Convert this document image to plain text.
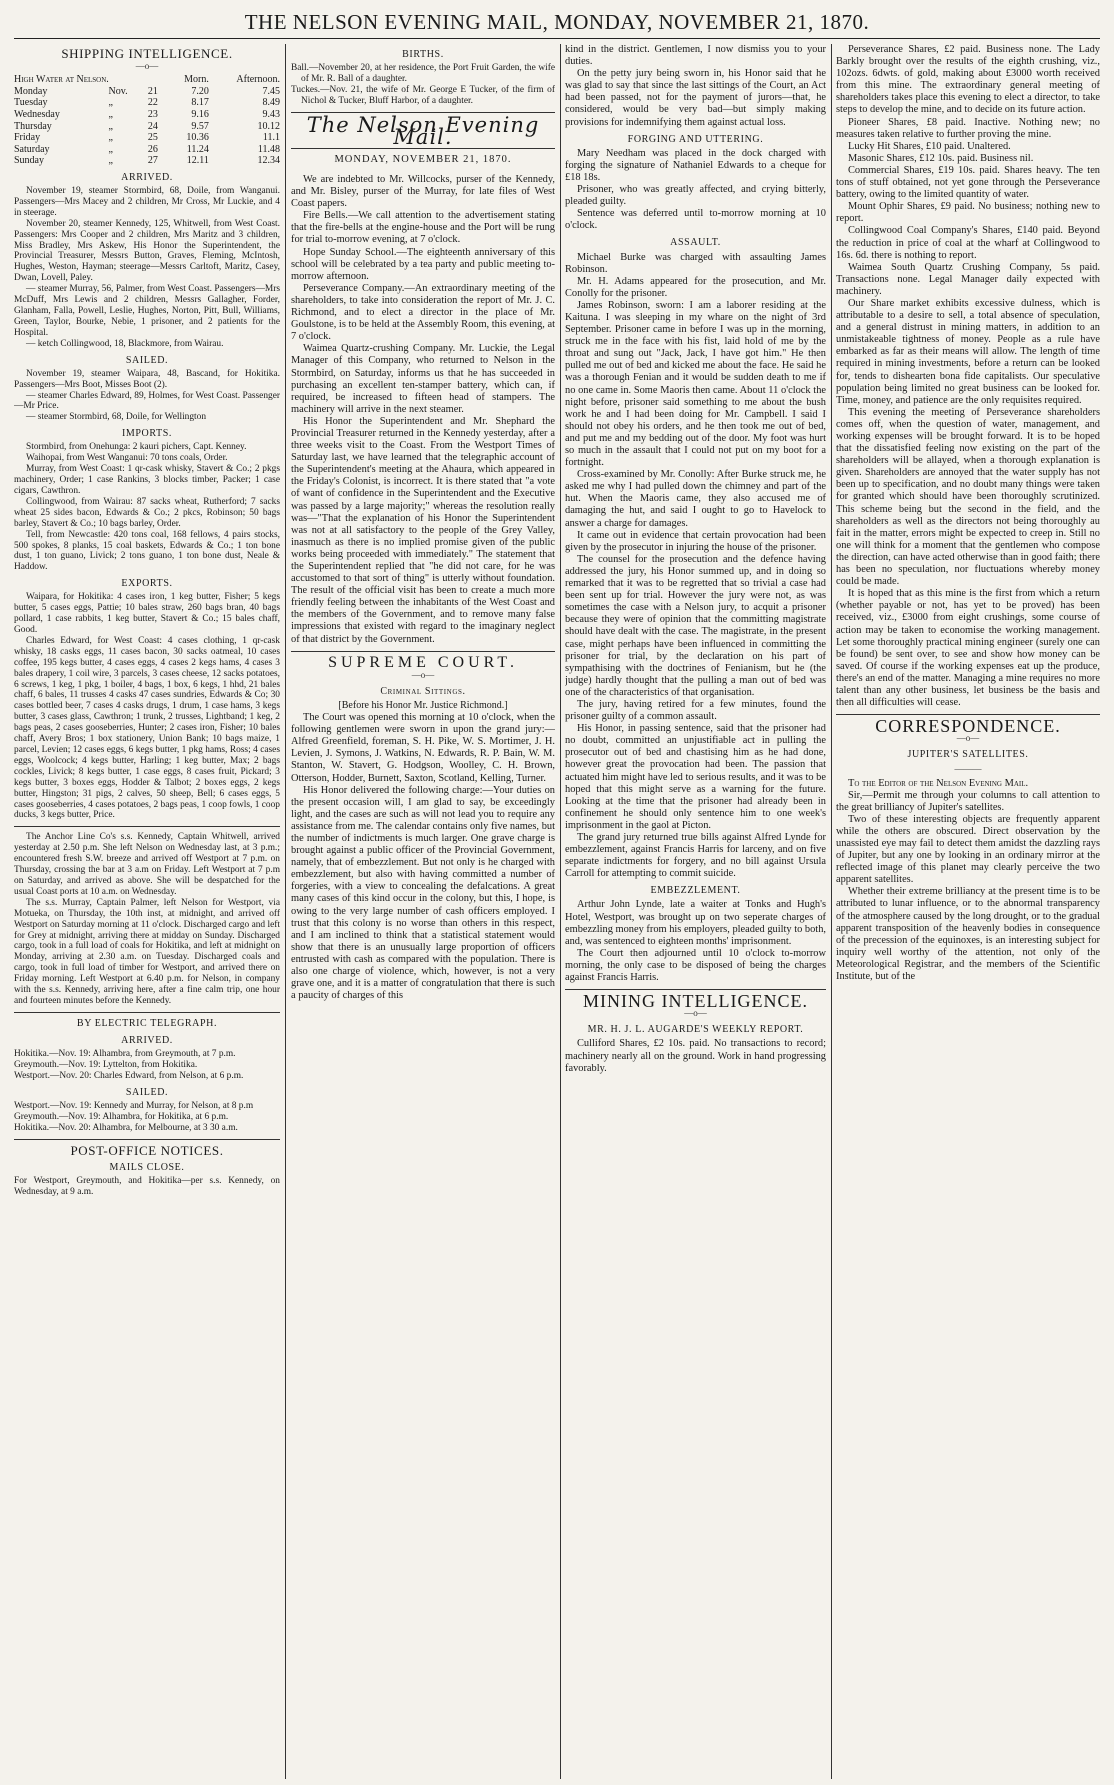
THE NELSON EVENING MAIL, MONDAY, NOVEMBER 21, 1870.
SHIPPING INTELLIGENCE.
—o—
High Water at Nelson.			Morn.	Afternoon.
Monday	Nov.	21	7.20	7.45
Tuesday	„	22	8.17	8.49
Wednesday	„	23	9.16	9.43
Thursday	„	24	9.57	10.12
Friday	„	25	10.36	11.1
Saturday	„	26	11.24	11.48
Sunday	„	27	12.11	12.34
ARRIVED.

November 19, steamer Stormbird, 68, Doile, from Wanganui. Passengers—Mrs Macey and 2 children, Mr Cross, Mr Luckie, and 4 in steerage.

November 20, steamer Kennedy, 125, Whitwell, from West Coast. Passengers: Mrs Cooper and 2 children, Mrs Maritz and 3 children, Miss Bradley, Mrs Askew, His Honor the Superintendent, the Provincial Treasurer, Messrs Button, Graves, Fleming, McIntosh, Hughes, Weston, Hayman; steerage—Messrs Carltoft, Maritz, Casey, Dwan, Lovell, Paley.

— steamer Murray, 56, Palmer, from West Coast. Passengers—Mrs McDuff, Mrs Lewis and 2 children, Messrs Gallagher, Forder, Glanham, Falla, Powell, Leslie, Hughes, Norton, Pitt, Bull, Williams, Green, Taylor, Bourke, Nebie, 1 prisoner, and 2 patients for the Hospital.

— ketch Collingwood, 18, Blackmore, from Wairau.

SAILED.

November 19, steamer Waipara, 48, Bascand, for Hokitika. Passengers—Mrs Boot, Misses Boot (2).

— steamer Charles Edward, 89, Holmes, for West Coast. Passenger—Mr Price.

— steamer Stormbird, 68, Doile, for Wellington

IMPORTS.

Stormbird, from Onehunga: 2 kauri pichers, Capt. Kenney.

Waihopai, from West Wanganui: 70 tons coals, Order.

Murray, from West Coast: 1 qr-cask whisky, Stavert & Co.; 2 pkgs machinery, Order; 1 case Rankins, 3 blocks timber, Packer; 1 case cigars, Cawthron.

Collingwood, from Wairau: 87 sacks wheat, Rutherford; 7 sacks wheat 25 sides bacon, Edwards & Co.; 2 pkcs, Robinson; 50 bags barley, Stavert & Co.; 10 bags barley, Order.

Tell, from Newcastle: 420 tons coal, 168 fellows, 4 pairs stocks, 500 spokes, 8 planks, 15 coal baskets, Edwards & Co.; 1 ton bone dust, 1 ton guano, Livick; 2 tons guano, 1 ton bone dust, Neale & Haddow.

EXPORTS.

Waipara, for Hokitika: 4 cases iron, 1 keg butter, Fisher; 5 kegs butter, 5 cases eggs, Pattie; 10 bales straw, 260 bags bran, 40 bags pollard, 1 case rabbits, 1 keg butter, Stavert & Co.; 15 bales chaff, Good.

Charles Edward, for West Coast: 4 cases clothing, 1 qr-cask whisky, 18 casks eggs, 11 cases bacon, 30 sacks oatmeal, 10 cases coffee, 195 kegs butter, 4 cases eggs, 4 cases 2 kegs hams, 4 cases 3 bales drapery, 1 coil wire, 3 parcels, 3 cases cheese, 12 sacks potatoes, 6 screws, 1 keg, 1 pkg, 1 boiler, 4 bags, 1 box, 6 kegs, 1 hhd, 21 bales chaff, 6 bales, 11 trusses 4 casks 47 cases sundries, Edwards & Co; 30 cases bottled beer, 7 cases 4 casks drugs, 1 drum, 1 case hams, 3 kegs butter, 3 cases glass, Cawthron; 1 trunk, 2 trusses, Lightband; 1 keg, 2 bags peas, 2 cases gooseberries, Hunter; 2 cases iron, Fisher; 10 bales chaff, Avery Bros; 1 box stationery, Union Bank; 10 bags maize, 1 parcel, Levien; 12 cases eggs, 6 kegs butter, 1 pkg hams, Ross; 4 cases eggs, Woolcock; 4 kegs butter, Harling; 1 keg butter, Max; 2 bags cockles, Livick; 8 kegs butter, 1 case eggs, 8 cases fruit, Pickard; 3 kegs butter, 3 boxes eggs, Hodder & Talbot; 2 boxes eggs, 2 kegs butter, Hingston; 31 pigs, 2 calves, 50 sheep, Bell; 6 cases eggs, 5 cases gooseberries, 4 cases potatoes, 2 bags peas, 1 coop fowls, 1 coop ducks, 3 kegs butter, Price.

The Anchor Line Co's s.s. Kennedy, Captain Whitwell, arrived yesterday at 2.50 p.m. She left Nelson on Wednesday last, at 3 p.m.; encountered fresh S.W. breeze and arrived off Westport at 7 p.m. on Thursday, crossing the bar at 3 a.m on Friday. Left Westport at 7 p.m on Saturday, and arrived as above. She will be despatched for the usual Coast ports at 10 a.m. on Wednesday.

The s.s. Murray, Captain Palmer, left Nelson for Westport, via Motueka, on Thursday, the 10th inst, at midnight, and arrived off Westport on Saturday morning at 11 o'clock. Discharged cargo and left for Grey at midnight, arriving there at midday on Sunday. Discharged cargo, took in a full load of coals for Hokitika, and left at midnight on Monday, arriving at 2.30 a.m. on Tuesday. Discharged coals and cargo, took in full load of timber for Westport, and arrived there on Friday morning. Left Westport at 6.40 p.m. for Nelson, in company with the s.s. Kennedy, arriving here, after a fine calm trip, one hour and fourteen minutes before the Kennedy.

BY ELECTRIC TELEGRAPH.
ARRIVED.

Hokitika.—Nov. 19: Alhambra, from Greymouth, at 7 p.m.

Greymouth.—Nov. 19: Lyttelton, from Hokitika.

Westport.—Nov. 20: Charles Edward, from Nelson, at 6 p.m.

SAILED.

Westport.—Nov. 19: Kennedy and Murray, for Nelson, at 8 p.m

Greymouth.—Nov. 19: Alhambra, for Hokitika, at 6 p.m.

Hokitika.—Nov. 20: Alhambra, for Melbourne, at 3 30 a.m.

POST-OFFICE NOTICES.
MAILS CLOSE.

For Westport, Greymouth, and Hokitika—per s.s. Kennedy, on Wednesday, at 9 a.m.

BIRTHS.

Ball.—November 20, at her residence, the Port Fruit Garden, the wife of Mr. R. Ball of a daughter.

Tuckes.—Nov. 21, the wife of Mr. George E Tucker, of the firm of Nichol & Tucker, Bluff Harbor, of a daughter.

The Nelson Evening Mail.
MONDAY, NOVEMBER 21, 1870.

We are indebted to Mr. Willcocks, purser of the Kennedy, and Mr. Bisley, purser of the Murray, for late files of West Coast papers.

Fire Bells.—We call attention to the advertisement stating that the fire-bells at the engine-house and the Port will be rung for trial to-morrow evening, at 7 o'clock.

Hope Sunday School.—The eighteenth anniversary of this school will be celebrated by a tea party and public meeting to-morrow afternoon.

Perseverance Company.—An extraordinary meeting of the shareholders, to take into consideration the report of Mr. J. C. Richmond, and to elect a director in the place of Mr. Goulstone, is to be held at the Assembly Room, this evening, at 7 o'clock.

Waimea Quartz-crushing Company. Mr. Luckie, the Legal Manager of this Company, who returned to Nelson in the Stormbird, on Saturday, informs us that he has succeeded in purchasing an excellent ten-stamper battery, which can, if required, be increased to fifteen head of stampers. The machinery will arrive in the next steamer.

His Honor the Superintendent and Mr. Shephard the Provincial Treasurer returned in the Kennedy yesterday, after a three weeks visit to the Coast. From the Westport Times of Saturday last, we have learned that the telegraphic account of the Superintendent's meeting at the Ahaura, which appeared in the Friday's Colonist, is incorrect. It is there stated that "a vote of want of confidence in the Superintendent and the Executive was passed by a large majority;" whereas the resolution really was—"That the explanation of his Honor the Superintendent was not at all satisfactory to the people of the Grey Valley, inasmuch as there is no implied promise given of the public works being proceeded with immediately." The statement that the Superintendent replied that "he did not care, for he was accustomed to that sort of thing" is utterly without foundation. The result of the official visit has been to create a much more friendly feeling between the inhabitants of the West Coast and the members of the Government, and to remove many false impressions that existed with regard to the imaginary neglect of that district by the Government.

SUPREME COURT.
—o—
Criminal Sittings.
[Before his Honor Mr. Justice Richmond.]

The Court was opened this morning at 10 o'clock, when the following gentlemen were sworn in upon the grand jury:—Alfred Greenfield, foreman, S. H. Pike, W. S. Mortimer, J. H. Levien, J. Symons, J. Watkins, N. Edwards, R. P. Bain, W. M. Stanton, W. Stavert, G. Hodgson, Woolley, C. H. Brown, Otterson, Hodder, Burnett, Saxton, Scotland, Kelling, Turner.

His Honor delivered the following charge:—Your duties on the present occasion will, I am glad to say, be exceedingly light, and the cases are such as will not lead you to require any assistance from me. The calendar contains only five names, but the number of indictments is much larger. One grave charge is brought against a public officer of the Provincial Government, namely, that of embezzlement. But not only is he charged with embezzlement, but also with having committed a number of forgeries, with a view to concealing the defalcations. A great many cases of this kind occur in the colony, but this, I hope, is owing to the very large number of cash officers employed. I trust that this colony is no worse than others in this respect, and I am inclined to think that a statistical statement would show that there is an unusually large proportion of officers entrusted with cash as compared with the population. There is also one charge of violence, which, however, is not a very grave one, and it is a matter of congratulation that there is such a paucity of charges of this

kind in the district. Gentlemen, I now dismiss you to your duties.

On the petty jury being sworn in, his Honor said that he was glad to say that since the last sittings of the Court, an Act had been passed, not for the payment of jurors—that, he considered, would be very bad—but simply making provisions for indemnifying them against actual loss.

FORGING AND UTTERING.

Mary Needham was placed in the dock charged with forging the signature of Nathaniel Edwards to a cheque for £18 18s.

Prisoner, who was greatly affected, and crying bitterly, pleaded guilty.

Sentence was deferred until to-morrow morning at 10 o'clock.

ASSAULT.

Michael Burke was charged with assaulting James Robinson.

Mr. H. Adams appeared for the prosecution, and Mr. Conolly for the prisoner.

James Robinson, sworn: I am a laborer residing at the Kaituna. I was sleeping in my whare on the night of 3rd September. Prisoner came in before I was up in the morning, struck me in the face with his fist, laid hold of me by the throat and sung out "Jack, Jack, I have got him." He then pulled me out of bed and kicked me about the face. He said he was a thorough Fenian and it would be sudden death to me if no one came in. Some Maoris then came. About 11 o'clock the night before, prisoner said something to me about the bush work he and I had been doing for Mr. Campbell. I said I should not obey his orders, and he then took me out of bed, and put me and my bedding out of the door. My foot was hurt so much in the assault that I could not put on my boot for a fortnight.

Cross-examined by Mr. Conolly: After Burke struck me, he asked me why I had pulled down the chimney and part of the hut. When the Maoris came, they also accused me of damaging the hut, and said I ought to go to Havelock to answer a charge for damages.

It came out in evidence that certain provocation had been given by the prosecutor in injuring the house of the prisoner.

The counsel for the prosecution and the defence having addressed the jury, his Honor summed up, and in doing so remarked that it was to be regretted that so trivial a case had been sent up for trial. However the jury were not, as was sometimes the case with a Nelson jury, to acquit a prisoner because they were of opinion that the committing magistrate should have dealt with the case. The magistrate, in the present case, might perhaps have been influenced in committing the prisoner for trial, by the declaration on his part of sympathising with the doctrines of Fenianism, but he (the judge) hardly thought that the pulling a man out of bed was one of the characteristics of that organisation.

The jury, having retired for a few minutes, found the prisoner guilty of a common assault.

His Honor, in passing sentence, said that the prisoner had no doubt, committed an unjustifiable act in pulling the prosecutor out of bed and chastising him as he had done, however great the provocation had been. The passion that actuated him might have led to serious results, and it was to be hoped that this might serve as a warning for the future. Looking at the time that the prisoner had already been in confinement he should only sentence him to one week's imprisonment in the gaol at Picton.

The grand jury returned true bills against Alfred Lynde for embezzlement, against Francis Harris for larceny, and on five separate indictments for forgery, and no bill against Ursula Carroll for attempting to commit suicide.

EMBEZZLEMENT.

Arthur John Lynde, late a waiter at Tonks and Hugh's Hotel, Westport, was brought up on two seperate charges of embezzling money from his employers, pleaded guilty to both, and, was sentenced to eighteen months' imprisonment.

The Court then adjourned until 10 o'clock to-morrow morning, the only case to be disposed of being the charges against Francis Harris.

MINING INTELLIGENCE.
—o—
MR. H. J. L. AUGARDE'S WEEKLY REPORT.

Culliford Shares, £2 10s. paid. No transactions to record; machinery nearly all on the ground. Work in hand progressing favorably.

Perseverance Shares, £2 paid. Business none. The Lady Barkly brought over the results of the eighth crushing, viz., 102ozs. 6dwts. of gold, making about £3000 worth received from this mine. The extraordinary general meeting of shareholders takes place this evening to elect a director, to take steps to develop the mine, and to decide on its future action.

Pioneer Shares, £8 paid. Inactive. Nothing new; no measures taken relative to further proving the mine.

Lucky Hit Shares, £10 paid. Unaltered.

Masonic Shares, £12 10s. paid. Business nil.

Commercial Shares, £19 10s. paid. Shares heavy. The ten tons of stuff obtained, not yet gone through the Perseverance battery, owing to the limited quantity of water.

Mount Ophir Shares, £9 paid. No business; nothing new to report.

Collingwood Coal Company's Shares, £140 paid. Beyond the reduction in price of coal at the wharf at Collingwood to 16s. 6d. there is nothing to report.

Waimea South Quartz Crushing Company, 5s paid. Transactions none. Legal Manager daily expected with machinery.

Our Share market exhibits excessive dulness, which is attributable to a desire to sell, a total absence of speculation, and a general distrust in mining matters, in addition to an unmistakeable tightness of money. People as a rule have embarked as far as their means will allow. The length of time required in mining investments, before a return can be looked for, tends to dishearten bona fide capitalists. Our speculative population being limited no great business can be looked for. Time, money, and patience are the only requisites required.

This evening the meeting of Perseverance shareholders comes off, when the question of water, management, and working expenses will be brought forward. It is to be hoped that the dissatisfied feeling now existing on the part of the shareholders will be allayed, when a thorough explanation is given. Shareholders are annoyed that the water supply has not been up to specification, and no doubt many things were taken for granted which should have been thoroughly scrutinized. This scheme being but the second in the field, and the shareholders as well as the directors not being thoroughly au fait in the matter, errors might be expected to creep in. Still no one will think for a moment that the gentlemen who compose the direction, can have acted otherwise than in good faith; there has been no speculation, nor fluctuations whereby money could be made.

It is hoped that as this mine is the first from which a return (whether payable or not, has yet to be proved) has been received, viz., £3000 from eight crushings, some course of action may be taken to economise the working management. Let some thoroughly practical mining engineer (surely one can be found) be sent over, to see and show how money can be saved. Of course if the working expenses eat up the produce, there's an end of the matter. Managing a mine requires no more talent than any other business, let business be the basis and then all difficulties will cease.

CORRESPONDENCE.
—o—
JUPITER'S SATELLITES.
———

To the Editor of the Nelson Evening Mail.

Sir,—Permit me through your columns to call attention to the great brilliancy of Jupiter's satellites.

Two of these interesting objects are frequently apparent while the others are obscured. Direct observation by the unassisted eye may fail to detect them amidst the dazzling rays of Jupiter, but any one by looking in an ordinary mirror at the reflected image of this planet may clearly perceive the two apparent satellites.

Whether their extreme brilliancy at the present time is to be attributed to lunar influence, or to the abnormal transparency of the atmosphere caused by the long drought, or to the gradual apparent transposition of the heavenly bodies in consequence of the precession of the equinoxes, is an interesting subject for inquiry well worthy of the attention, not only of the Meteorological Registrar, and the members of the Scientific Institute, but of the
